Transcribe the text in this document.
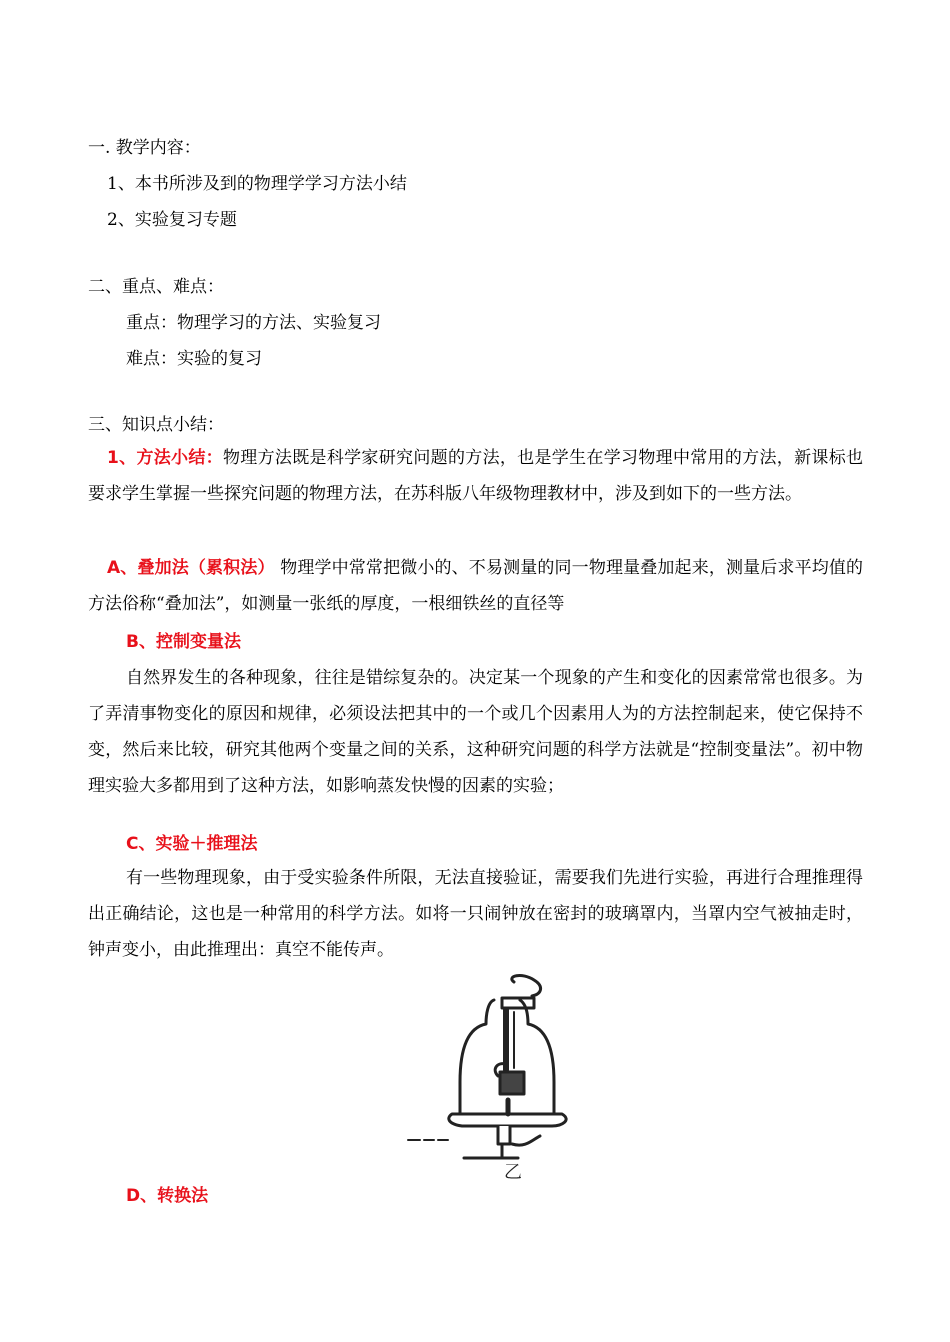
一. 教学内容：
1、本书所涉及到的物理学学习方法小结
2、实验复习专题
二、重点、难点：
重点：物理学习的方法、实验复习
难点：实验的复习
三、知识点小结：
1、方法小结：物理方法既是科学家研究问题的方法，也是学生在学习物理中常用的方法，新课标也要求学生掌握一些探究问题的物理方法，在苏科版八年级物理教材中，涉及到如下的一些方法。
A、叠加法（累积法） 物理学中常常把微小的、不易测量的同一物理量叠加起来，测量后求平均值的方法俗称“叠加法”，如测量一张纸的厚度，一根细铁丝的直径等
B、控制变量法
自然界发生的各种现象，往往是错综复杂的。决定某一个现象的产生和变化的因素常常也很多。为了弄清事物变化的原因和规律，必须设法把其中的一个或几个因素用人为的方法控制起来，使它保持不变，然后来比较，研究其他两个变量之间的关系，这种研究问题的科学方法就是“控制变量法”。初中物理实验大多都用到了这种方法，如影响蒸发快慢的因素的实验；
C、实验＋推理法
有一些物理现象，由于受实验条件所限，无法直接验证，需要我们先进行实验，再进行合理推理得出正确结论，这也是一种常用的科学方法。如将一只闹钟放在密封的玻璃罩内，当罩内空气被抽走时，钟声变小，由此推理出：真空不能传声。
乙
D、转换法
